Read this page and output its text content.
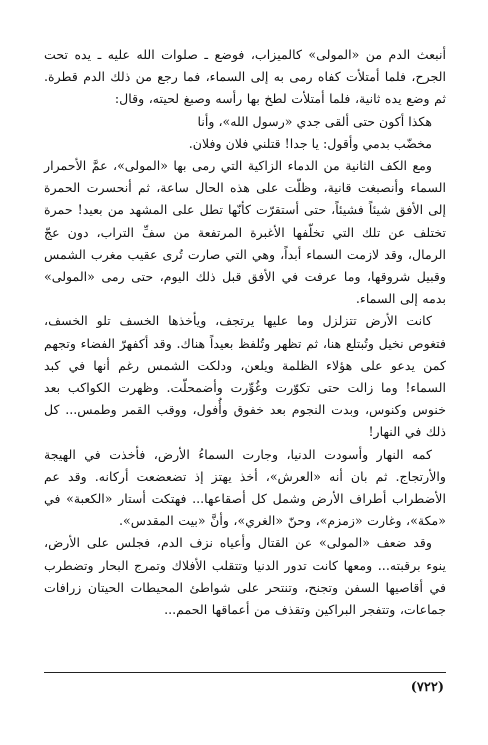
أنبعث الدم من «المولى» كالميزاب، فوضع ـ صلوات الله عليه ـ يده تحت الجرح، فلما أمتلأت كفاه رمى به إلى السماء، فما رجع من ذلك الدم قطرة. ثم وضع يده ثانية، فلما أمتلأت لطخ بها رأسه وصبغ لحيته، وقال:

هكذا أكون حتى ألقى جدي «رسول الله»، وأنا

مخضّب بدمي وأقول: يا جدا! قتلني فلان وفلان.

ومع الكف الثانية من الدماء الزاكية التي رمى بها «المولى»، عمَّ الأحمرار السماء وأنصبغت قانية، وظلّت على هذه الحال ساعة، ثم أنحسرت الحمرة إلى الأفق شيئاً فشيئاً، حتى أستقرّت كأنّها تطل على المشهد من بعيد! حمرة تختلف عن تلك التي تخلّفها الأغبرة المرتفعة من سفِّ التراب، دون عجّ الرمال، وقد لازمت السماء أبداً، وهي التي صارت تُرى عقيب مغرب الشمس وقبيل شروقها، وما عرفت في الأفق قبل ذلك اليوم، حتى رمى «المولى» بدمه إلى السماء.

كانت الأرض تتزلزل وما عليها يرتجف، ويأخذها الخسف تلو الخسف، فتغوص نخيل وتُبتلع هنا، ثم تظهر وتُلفظ بعيداً هناك. وقد أكفهرّ الفضاء وتجهم كمن يدعو على هؤلاء الظلمة ويلعن، ودلكت الشمس رغم أنها في كبد السماء! وما زالت حتى تكوّرت وغُوِّرت وأضمحلّت. وظهرت الكواكب بعد خنوس وكنوس، وبدت النجوم بعد خفوق وأُفول، ووقب القمر وطمس... كل ذلك في النهار!

كمه النهار وأسودت الدنيا، وجارت السماءُ الأرض، فأخذت في الهيجة والأرتجاج. ثم بان أنه «العرش»، أخذ يهتز إذ تضعضعت أركانه. وقد عم الأضطراب أطراف الأرض وشمل كل أصقاعها... فهتكت أستار «الكعبة» في «مكة»، وغارت «زمزم»، وحنّ «الغري»، وأنَّ «بيت المقدس».

وقد ضعف «المولى» عن القتال وأعياه نزف الدم، فجلس على الأرض، ينوء برقبته... ومعها كانت تدور الدنيا وتتقلب الأفلاك وتمرج البحار وتضطرب في أقاصيها السفن وتجنح، وتنتحر على شواطئ المحيطات الحيتان زرافات جماعات، وتتفجر البراكين وتقذف من أعماقها الحمم...

(٧٢٢)
